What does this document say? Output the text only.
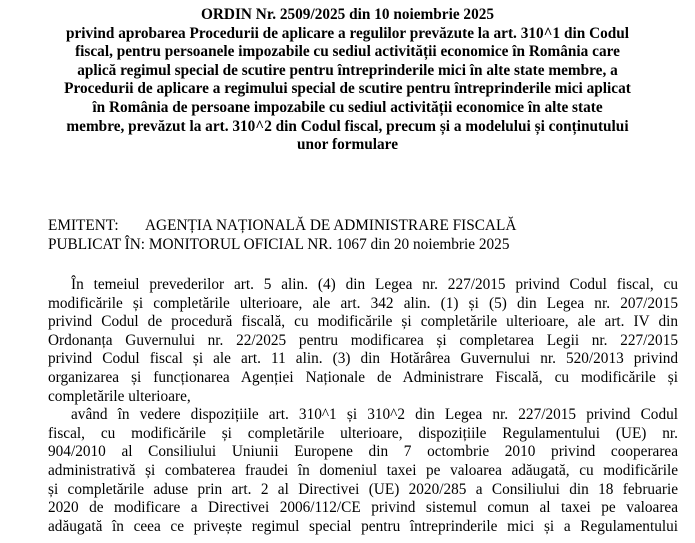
ORDIN Nr. 2509/2025 din 10 noiembrie 2025
privind aprobarea Procedurii de aplicare a regulilor prevăzute la art. 310^1 din Codul
fiscal, pentru persoanele impozabile cu sediul activității economice în România care
aplică regimul special de scutire pentru întreprinderile mici în alte state membre, a
Procedurii de aplicare a regimului special de scutire pentru întreprinderile mici aplicat
în România de persoane impozabile cu sediul activității economice în alte state
membre, prevăzut la art. 310^2 din Codul fiscal, precum și a modelului și conținutului
unor formulare
EMITENT: AGENȚIA NAȚIONALĂ DE ADMINISTRARE FISCALĂ
PUBLICAT ÎN: MONITORUL OFICIAL NR. 1067 din 20 noiembrie 2025
În temeiul prevederilor art. 5 alin. (4) din Legea nr. 227/2015 privind Codul fiscal, cu
modificările și completările ulterioare, ale art. 342 alin. (1) și (5) din Legea nr. 207/2015
privind Codul de procedură fiscală, cu modificările și completările ulterioare, ale art. IV din
Ordonanța Guvernului nr. 22/2025 pentru modificarea și completarea Legii nr. 227/2015
privind Codul fiscal și ale art. 11 alin. (3) din Hotărârea Guvernului nr. 520/2013 privind
organizarea și funcționarea Agenției Naționale de Administrare Fiscală, cu modificările și
completările ulterioare,
având în vedere dispozițiile art. 310^1 și 310^2 din Legea nr. 227/2015 privind Codul
fiscal, cu modificările și completările ulterioare, dispozițiile Regulamentului (UE) nr.
904/2010 al Consiliului Uniunii Europene din 7 octombrie 2010 privind cooperarea
administrativă și combaterea fraudei în domeniul taxei pe valoarea adăugată, cu modificările
și completările aduse prin art. 2 al Directivei (UE) 2020/285 a Consiliului din 18 februarie
2020 de modificare a Directivei 2006/112/CE privind sistemul comun al taxei pe valoarea
adăugată în ceea ce privește regimul special pentru întreprinderile mici și a Regulamentului
